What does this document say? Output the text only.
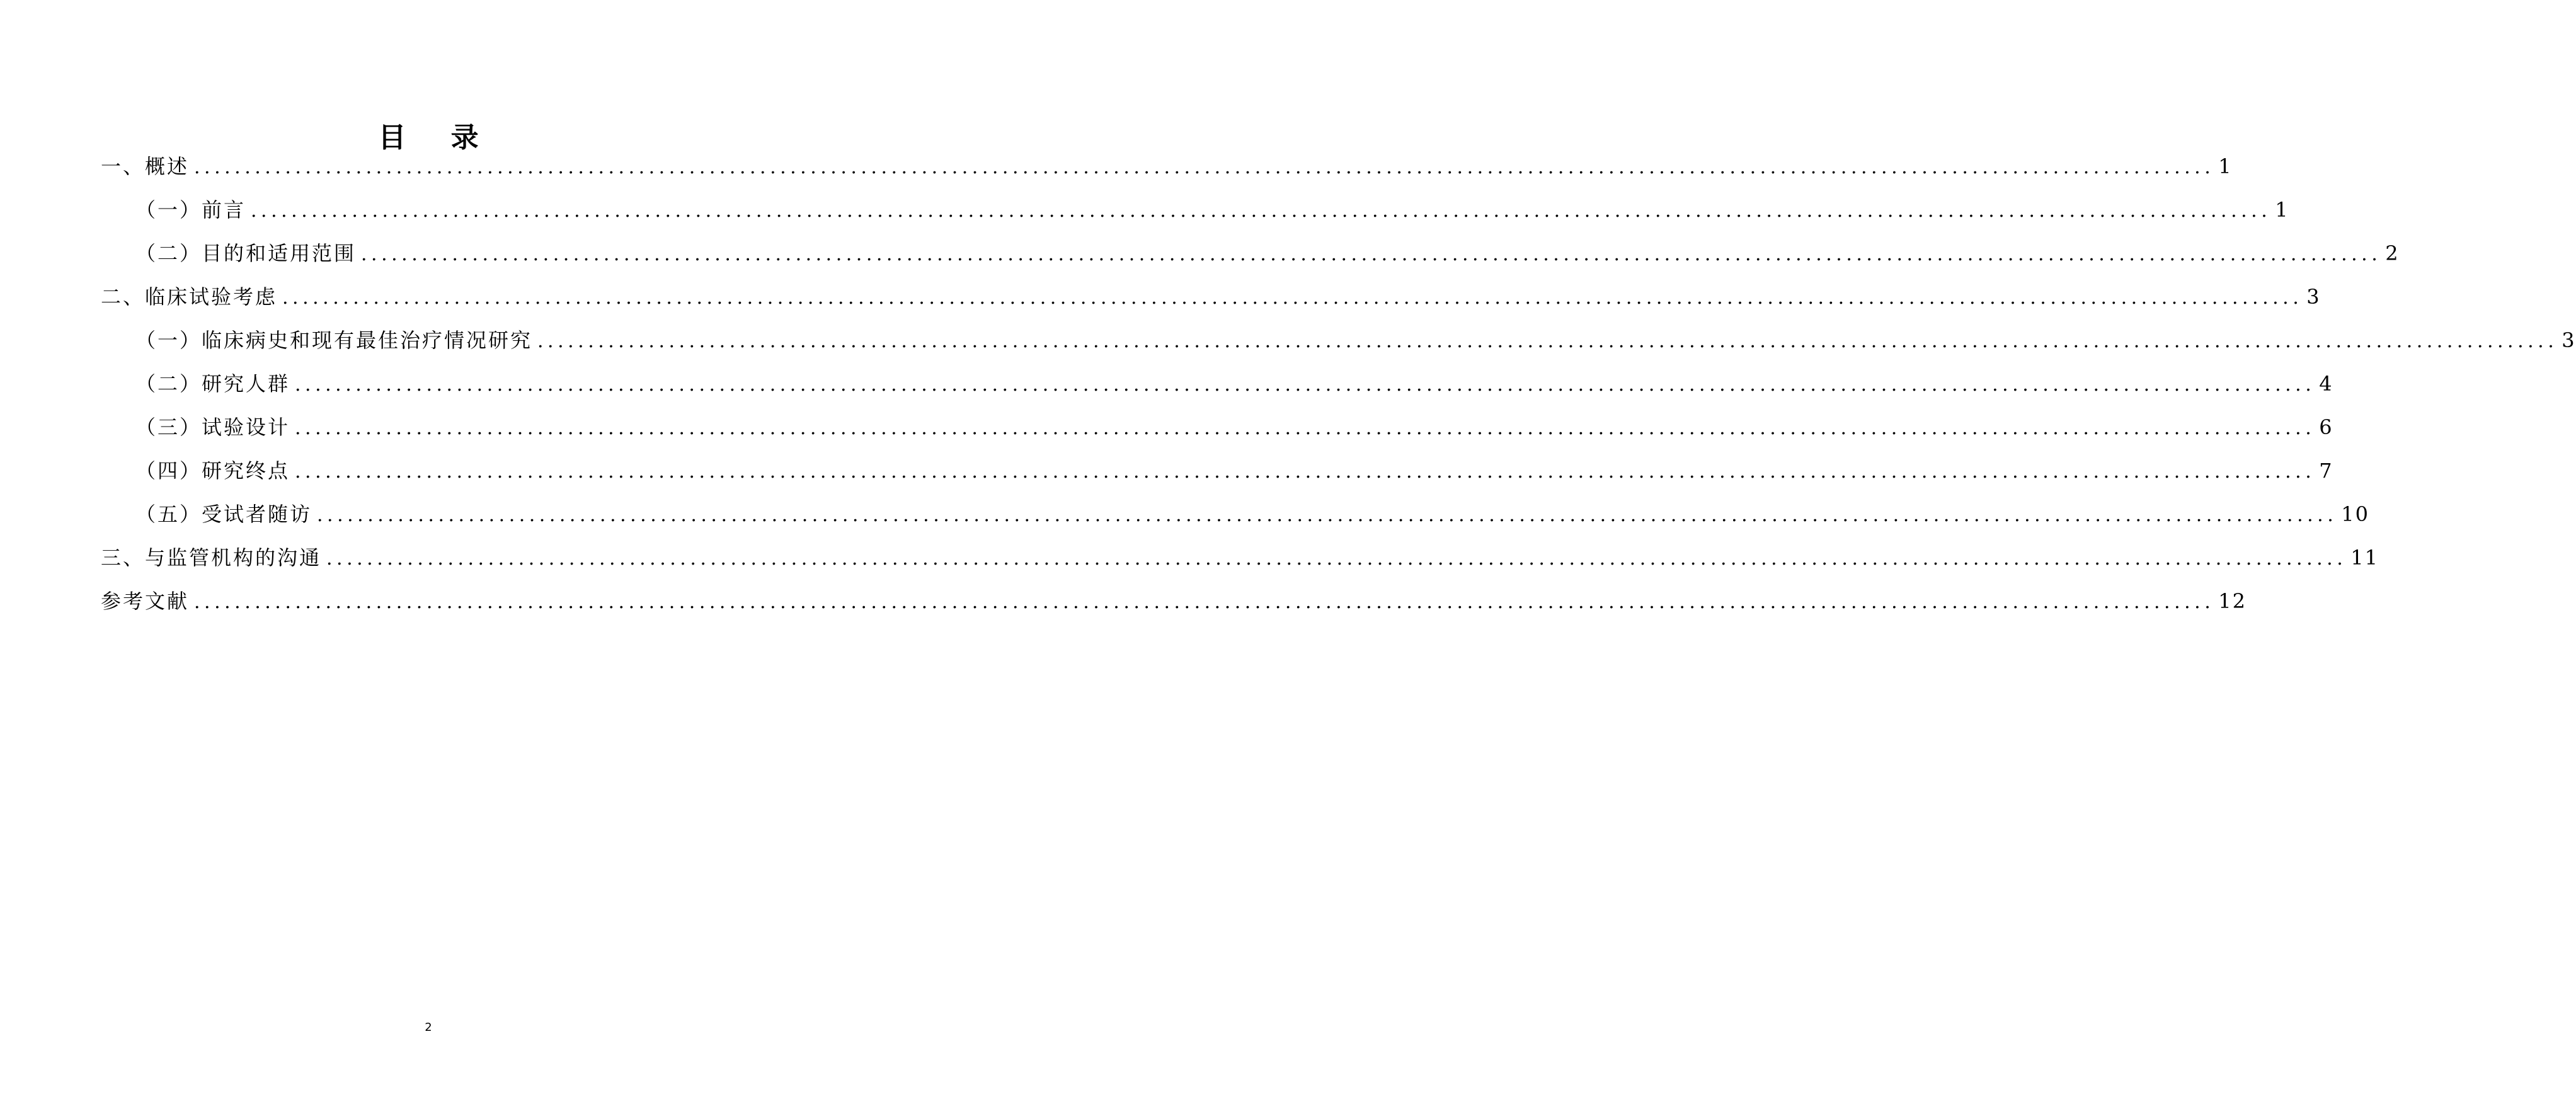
目 录
一、概述 ........................................................................................................................................................................................................ 1
（一）前言 ........................................................................................................................................................................................................ 1
（二）目的和适用范围 ........................................................................................................................................................................................................ 2
二、临床试验考虑 ........................................................................................................................................................................................................ 3
（一）临床病史和现有最佳治疗情况研究 ........................................................................................................................................................................................................ 3
（二）研究人群 ........................................................................................................................................................................................................ 4
（三）试验设计 ........................................................................................................................................................................................................ 6
（四）研究终点 ........................................................................................................................................................................................................ 7
（五）受试者随访 ........................................................................................................................................................................................................ 10
三、与监管机构的沟通 ........................................................................................................................................................................................................ 11
参考文献 ........................................................................................................................................................................................................ 12
2
